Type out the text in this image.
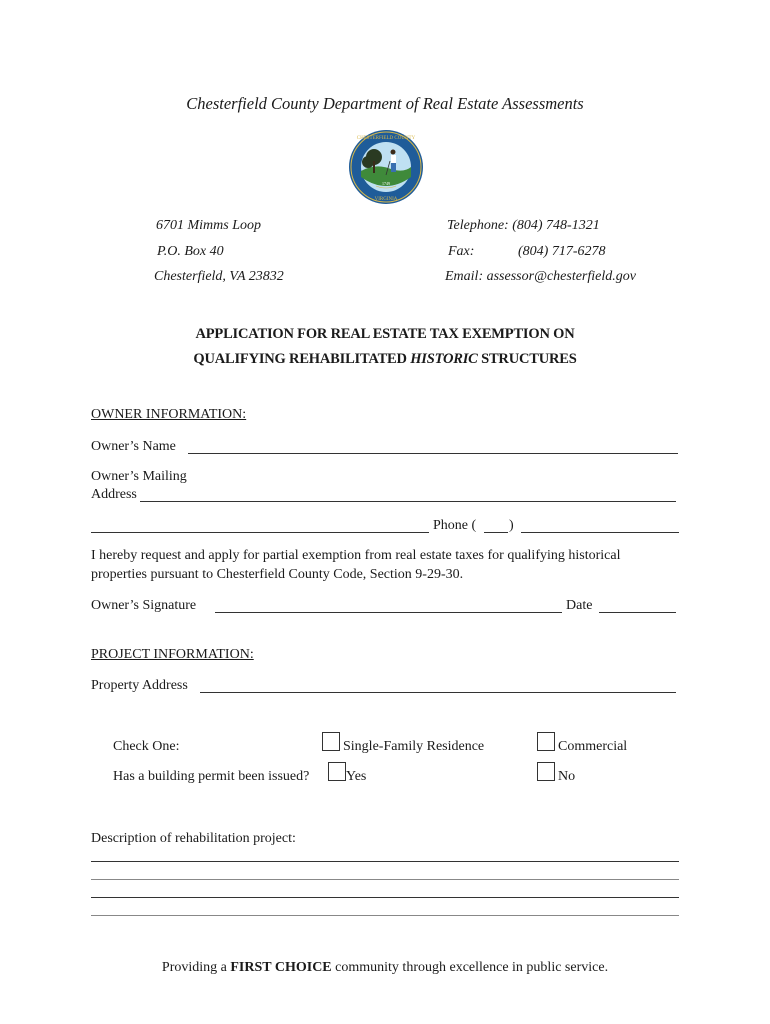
Chesterfield County Department of Real Estate Assessments
1749
CHESTERFIELD COUNTY
VIRGINIA
6701 Mimms Loop
P.O. Box 40
Chesterfield, VA 23832
Telephone: (804) 748-1321
Fax:	(804) 717-6278
Email: assessor@chesterfield.gov
APPLICATION FOR REAL ESTATE TAX EXEMPTION ON
QUALIFYING REHABILITATED HISTORIC STRUCTURES
OWNER INFORMATION:
Owner’s Name
Owner’s Mailing
Address
Phone ( )
I hereby request and apply for partial exemption from real estate taxes for qualifying historical
properties pursuant to Chesterfield County Code, Section 9-29-30.
Owner’s Signature	Date
PROJECT INFORMATION:
Property Address
Check One:	Single-Family Residence	Commercial
Has a building permit been issued?	Yes	No
Description of rehabilitation project:
Providing a FIRST CHOICE community through excellence in public service.
